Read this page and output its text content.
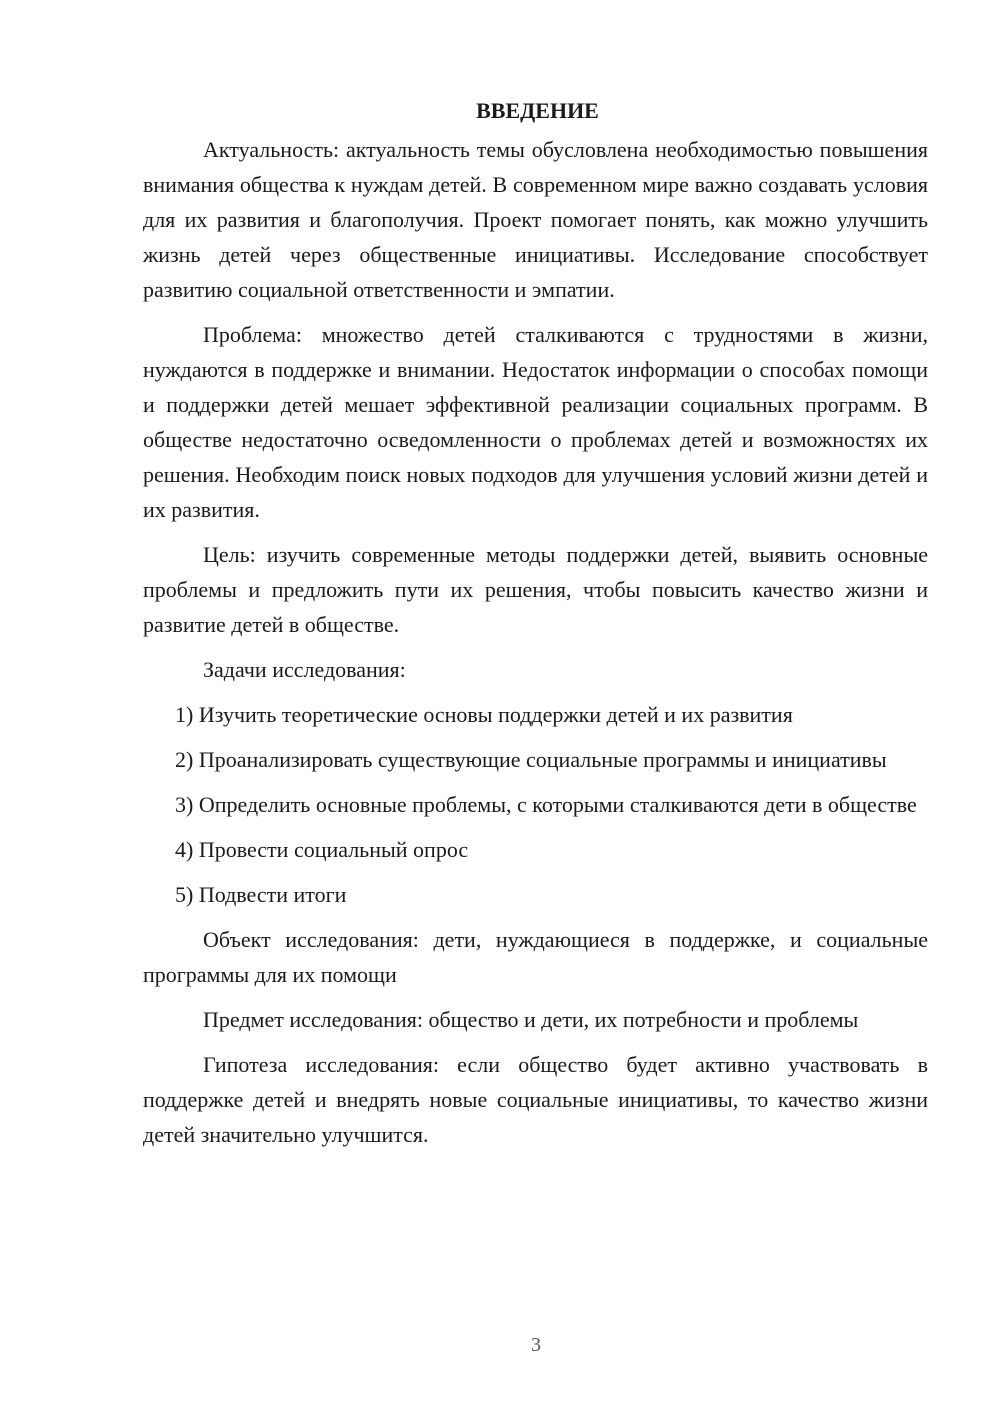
ВВЕДЕНИЕ

Актуальность: актуальность темы обусловлена необходимостью повышения внимания общества к нуждам детей. В современном мире важно создавать условия для их развития и благополучия. Проект помогает понять, как можно улучшить жизнь детей через общественные инициативы. Исследование способствует развитию социальной ответственности и эмпатии.

Проблема: множество детей сталкиваются с трудностями в жизни, нуждаются в поддержке и внимании. Недостаток информации о способах помощи и поддержки детей мешает эффективной реализации социальных программ. В обществе недостаточно осведомленности о проблемах детей и возможностях их решения. Необходим поиск новых подходов для улучшения условий жизни детей и их развития.

Цель: изучить современные методы поддержки детей, выявить основные проблемы и предложить пути их решения, чтобы повысить качество жизни и развитие детей в обществе.

Задачи исследования:

1) Изучить теоретические основы поддержки детей и их развития

2) Проанализировать существующие социальные программы и инициативы

3) Определить основные проблемы, с которыми сталкиваются дети в обществе

4) Провести социальный опрос

5) Подвести итоги

Объект исследования: дети, нуждающиеся в поддержке, и социальные программы для их помощи

Предмет исследования: общество и дети, их потребности и проблемы

Гипотеза исследования: если общество будет активно участвовать в поддержке детей и внедрять новые социальные инициативы, то качество жизни детей значительно улучшится.

3
